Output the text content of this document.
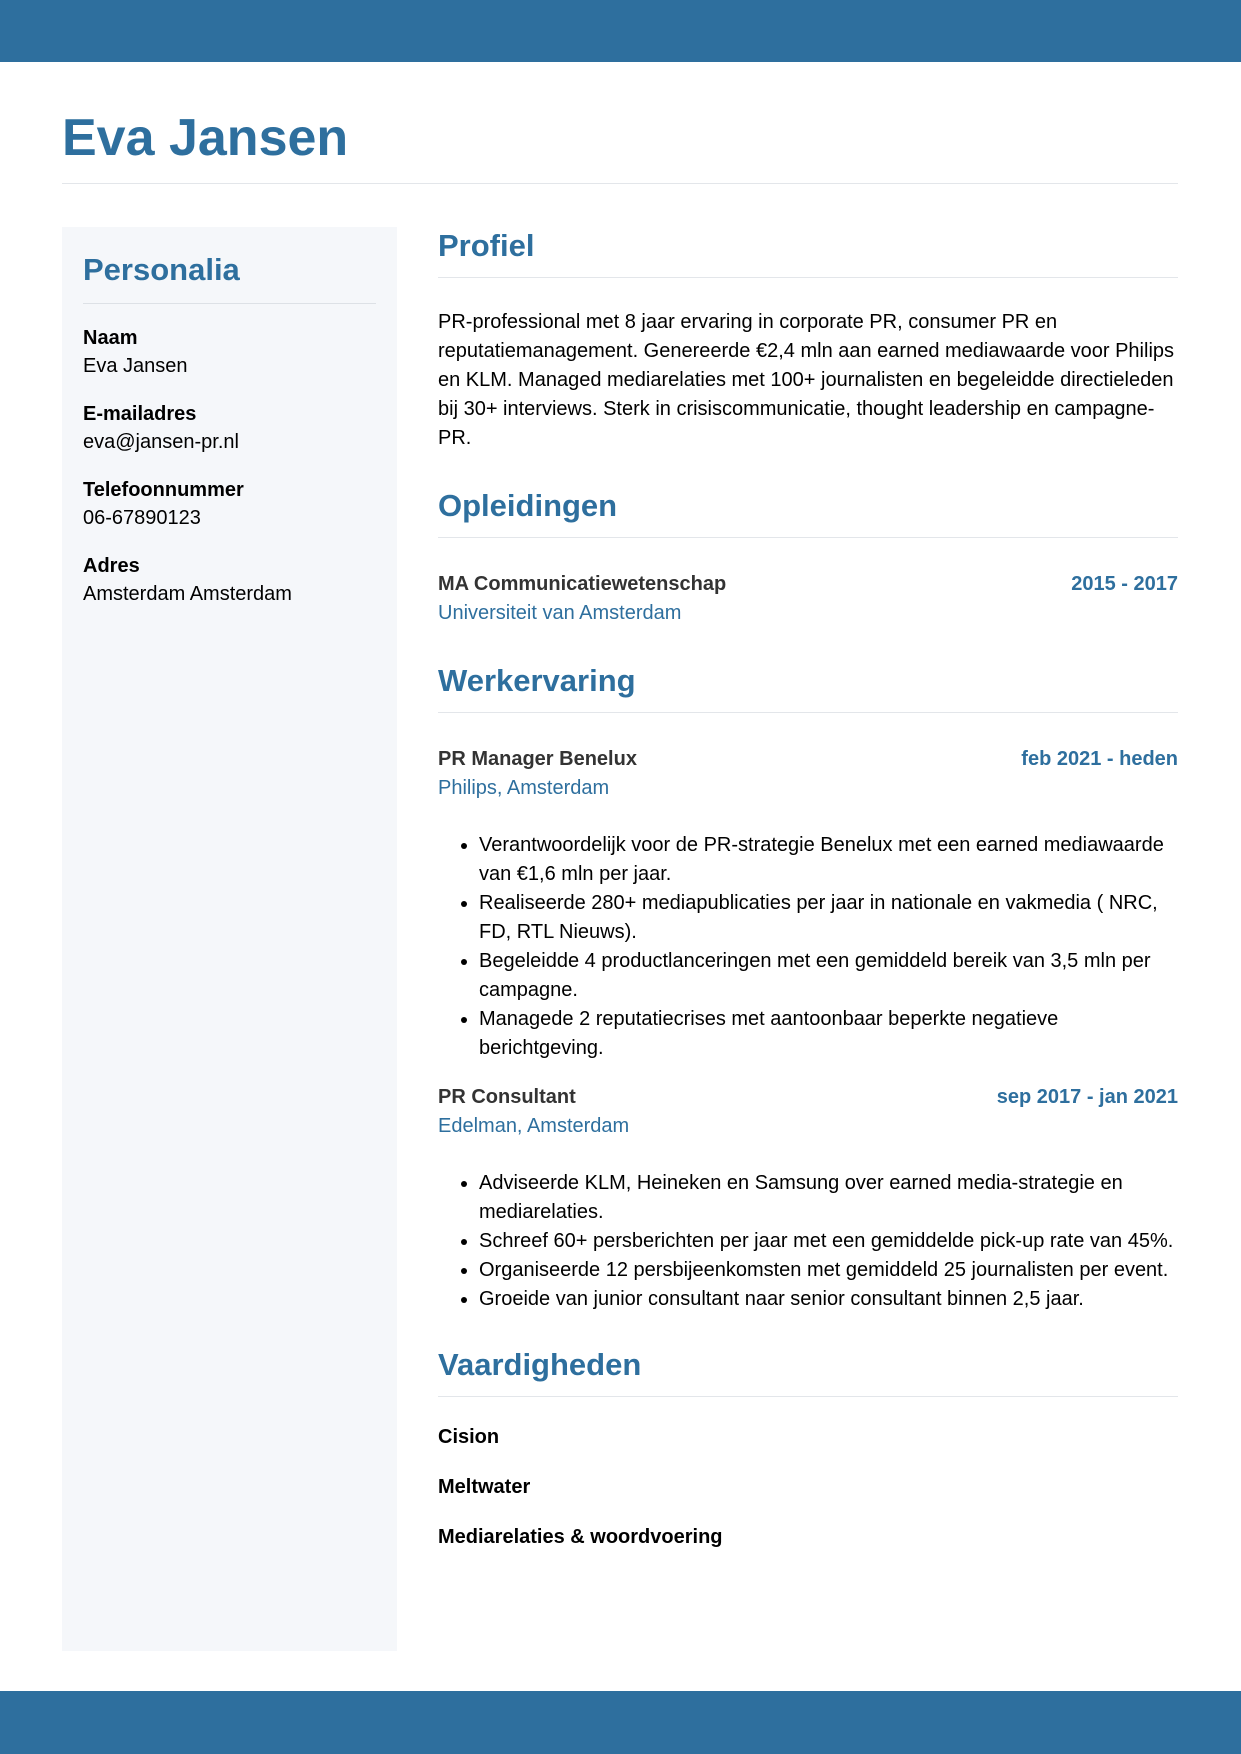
Eva Jansen
Personalia
Naam
Eva Jansen
E-mailadres
eva@jansen-pr.nl
Telefoonnummer
06-67890123
Adres
Amsterdam Amsterdam
Profiel

PR-professional met 8 jaar ervaring in corporate PR, consumer PR en reputatiemanagement. Genereerde €2,4 mln aan earned mediawaarde voor Philips en KLM. Managed mediarelaties met 100+ journalisten en begeleidde directieleden bij 30+ interviews. Sterk in crisiscommunicatie, thought leadership en campagne-PR.

Opleidingen
MA Communicatiewetenschap	2015 - 2017
Universiteit van Amsterdam
Werkervaring
PR Manager Benelux	feb 2021 - heden
Philips, Amsterdam
• Verantwoordelijk voor de PR-strategie Benelux met een earned mediawaarde van €1,6 mln per jaar.
• Realiseerde 280+ mediapublicaties per jaar in nationale en vakmedia ( NRC, FD, RTL Nieuws).
• Begeleidde 4 productlanceringen met een gemiddeld bereik van 3,5 mln per campagne.
• Managede 2 reputatiecrises met aantoonbaar beperkte negatieve berichtgeving.
PR Consultant	sep 2017 - jan 2021
Edelman, Amsterdam
• Adviseerde KLM, Heineken en Samsung over earned media-strategie en mediarelaties.
• Schreef 60+ persberichten per jaar met een gemiddelde pick-up rate van 45%.
• Organiseerde 12 persbijeenkomsten met gemiddeld 25 journalisten per event.
• Groeide van junior consultant naar senior consultant binnen 2,5 jaar.
Vaardigheden
Cision
Meltwater
Mediarelaties & woordvoering
